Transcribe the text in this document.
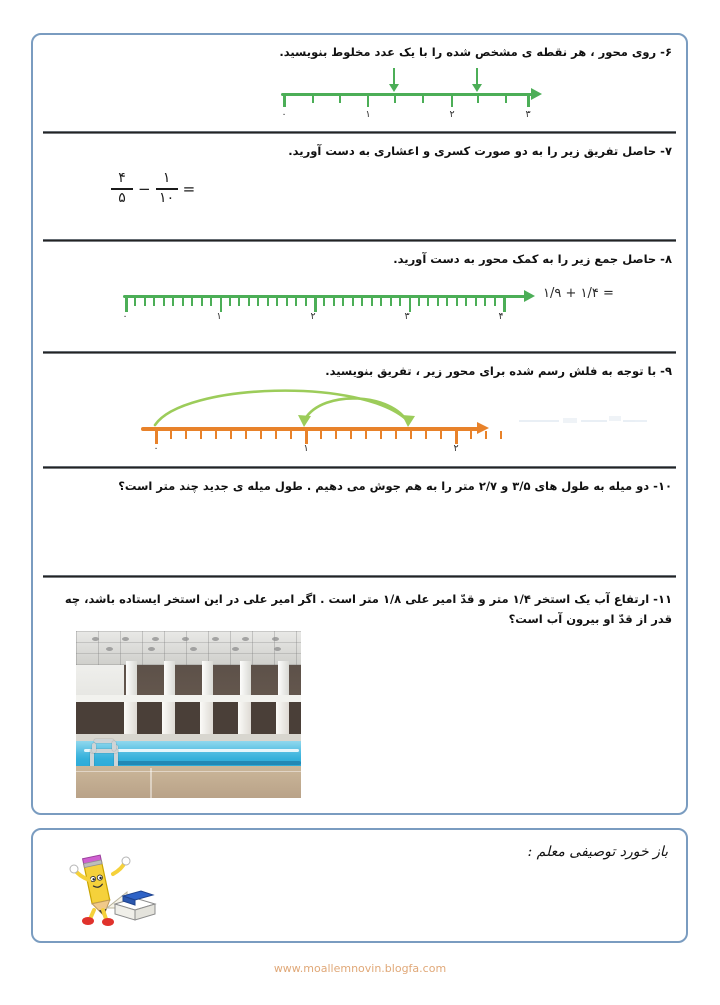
۶- روی محور ، هر نقطه ی مشخص شده را با یک عدد مخلوط بنویسید.
۰	۱	۲	۳
۷- حاصل تفریق زیر را به دو صورت کسری و اعشاری به دست آورید.
$\frac{۴}{۵} - \frac{۱}{۱۰}$ =
۸- حاصل جمع زیر را به کمک محور به دست آورید.
۰	۱	۲	۳	۴
۱/۹ + ۱/۴ =
۹- با توجه به فلش رسم شده برای محور زیر ، تفریق بنویسید.
۰	۱	۲
۱۰- دو میله به طول های ۳/۵ و ۲/۷ متر را به هم جوش می دهیم . طول میله ی جدید چند متر است؟
۱۱- ارتفاع آب یک استخر ۱/۴ متر و قدّ امیر علی ۱/۸ متر است . اگر امیر علی در این استخر ایستاده باشد، چه قدر از قدّ او بیرون آب است؟
باز خورد توصیفی معلم :
www.moallemnovin.blogfa.com
